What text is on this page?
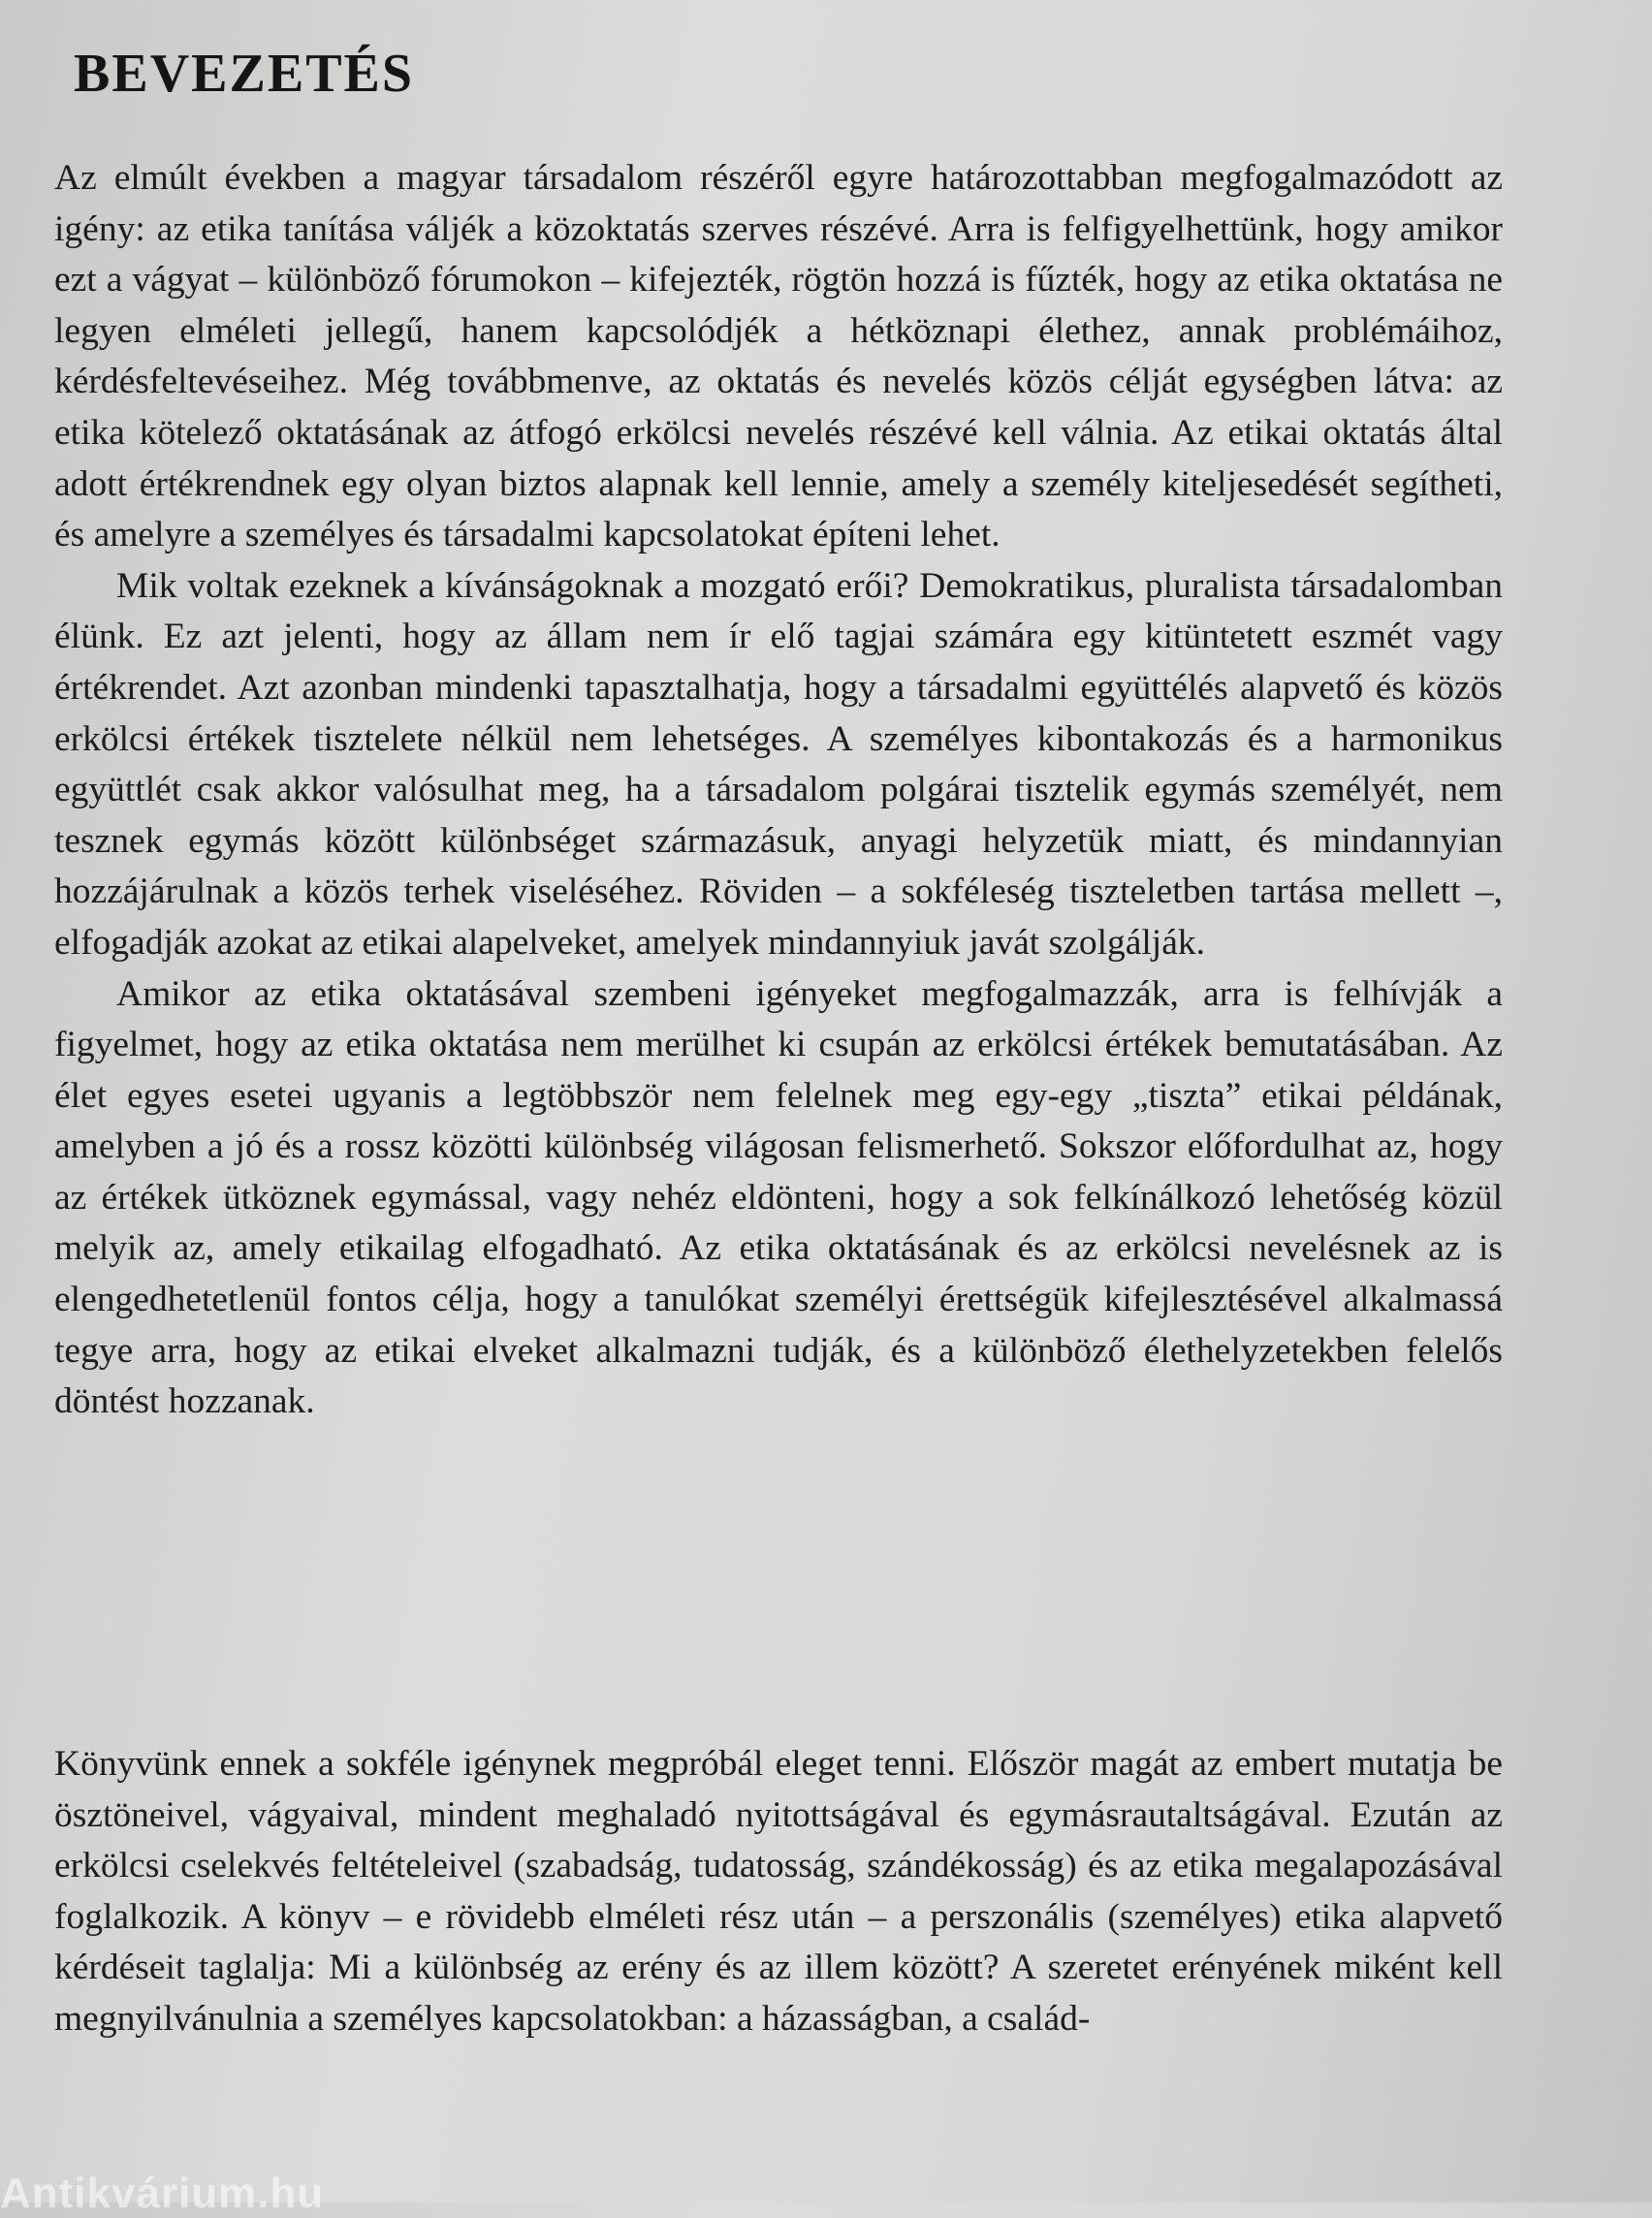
BEVEZETÉS

Az elmúlt években a magyar társadalom részéről egyre határozottabban megfogalmazódott az igény: az etika tanítása váljék a közoktatás szerves részévé. Arra is felfigyelhettünk, hogy amikor ezt a vágyat – különböző fórumokon – kifejezték, rögtön hozzá is fűzték, hogy az etika oktatása ne legyen elméleti jellegű, hanem kapcsolódjék a hétköznapi élethez, annak problémáihoz, kérdésfeltevéseihez. Még továbbmenve, az oktatás és nevelés közös célját egységben látva: az etika kötelező oktatásának az átfogó erkölcsi nevelés részévé kell válnia. Az etikai oktatás által adott értékrendnek egy olyan biztos alapnak kell lennie, amely a személy kiteljesedését segítheti, és amelyre a személyes és társadalmi kapcsolatokat építeni lehet.

Mik voltak ezeknek a kívánságoknak a mozgató erői? Demokratikus, pluralista társadalomban élünk. Ez azt jelenti, hogy az állam nem ír elő tagjai számára egy kitüntetett eszmét vagy értékrendet. Azt azonban mindenki tapasztalhatja, hogy a társadalmi együttélés alapvető és közös erkölcsi értékek tisztelete nélkül nem lehetséges. A személyes kibontakozás és a harmonikus együttlét csak akkor valósulhat meg, ha a társadalom polgárai tisztelik egymás személyét, nem tesznek egymás között különbséget származásuk, anyagi helyzetük miatt, és mindannyian hozzájárulnak a közös terhek viseléséhez. Röviden – a sokféleség tiszteletben tartása mellett –, elfogadják azokat az etikai alapelveket, amelyek mindannyiuk javát szolgálják.

Amikor az etika oktatásával szembeni igényeket megfogalmazzák, arra is felhívják a figyelmet, hogy az etika oktatása nem merülhet ki csupán az erkölcsi értékek bemutatásában. Az élet egyes esetei ugyanis a legtöbbször nem felelnek meg egy-egy „tiszta” etikai példának, amelyben a jó és a rossz közötti különbség világosan felismerhető. Sokszor előfordulhat az, hogy az értékek ütköznek egymással, vagy nehéz eldönteni, hogy a sok felkínálkozó lehetőség közül melyik az, amely etikailag elfogadható. Az etika oktatásának és az erkölcsi nevelésnek az is elengedhetetlenül fontos célja, hogy a tanulókat személyi érettségük kifejlesztésével alkalmassá tegye arra, hogy az etikai elveket alkalmazni tudják, és a különböző élethelyzetekben felelős döntést hozzanak.

Könyvünk ennek a sokféle igénynek megpróbál eleget tenni. Először magát az embert mutatja be ösztöneivel, vágyaival, mindent meghaladó nyitottságával és egymásrautaltságával. Ezután az erkölcsi cselekvés feltételeivel (szabadság, tudatosság, szándékosság) és az etika megalapozásával foglalkozik. A könyv – e rövidebb elméleti rész után – a perszonális (személyes) etika alapvető kérdéseit taglalja: Mi a különbség az erény és az illem között? A szeretet erényének miként kell megnyilvánulnia a személyes kapcsolatokban: a házasságban, a család-

Antikvárium.hu
